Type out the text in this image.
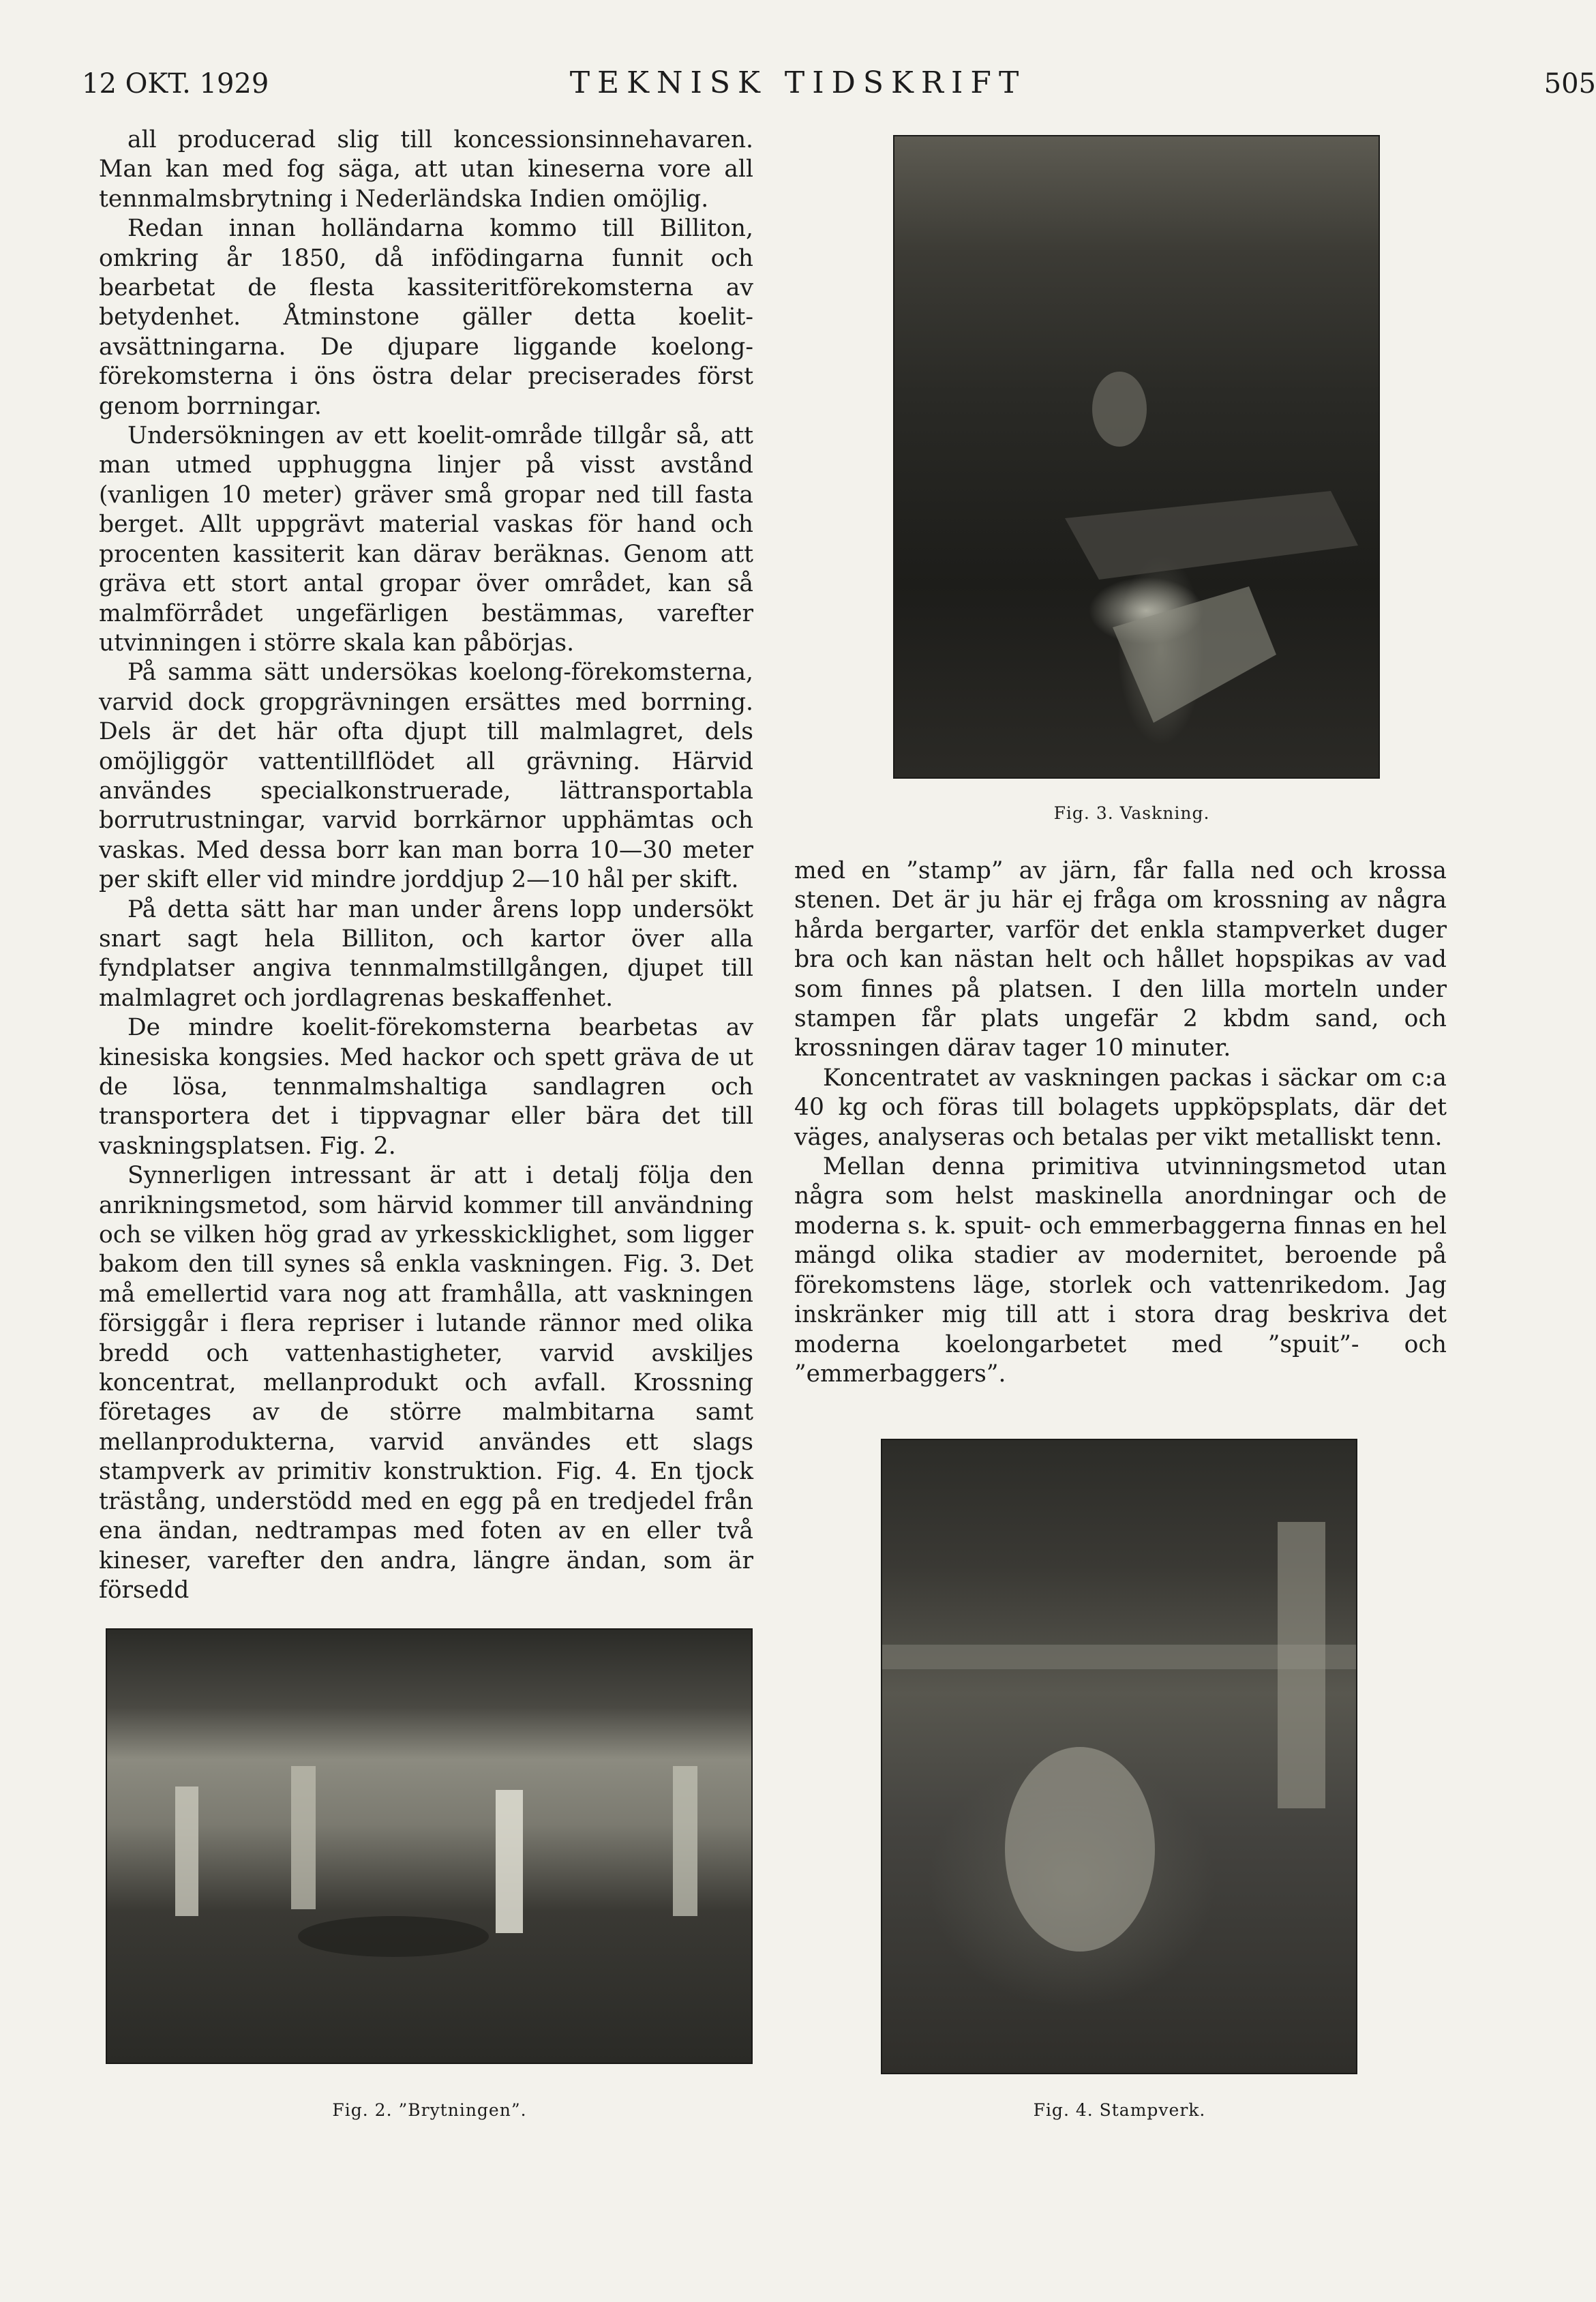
12 OKT. 1929	TEKNISK TIDSKRIFT	505

all producerad slig till koncessionsinnehavaren. Man kan med fog säga, att utan kineserna vore all tennmalmsbrytning i Nederländska Indien omöjlig.

Redan innan holländarna kommo till Billiton, omkring år 1850, då infödingarna funnit och bearbetat de flesta kassiteritförekomsterna av betydenhet. Åtminstone gäller detta koelit-avsättningarna. De djupare liggande koelong-förekomsterna i öns östra delar preciserades först genom borrningar.

Undersökningen av ett koelit-område tillgår så, att man utmed upphuggna linjer på visst avstånd (vanligen 10 meter) gräver små gropar ned till fasta berget. Allt uppgrävt material vaskas för hand och procenten kassiterit kan därav beräknas. Genom att gräva ett stort antal gropar över området, kan så malmförrådet ungefärligen bestämmas, varefter utvinningen i större skala kan påbörjas.

På samma sätt undersökas koelong-förekomsterna, varvid dock gropgrävningen ersättes med borrning. Dels är det här ofta djupt till malmlagret, dels omöjliggör vattentillflödet all grävning. Härvid användes specialkonstruerade, lättransportabla borrutrustningar, varvid borrkärnor upphämtas och vaskas. Med dessa borr kan man borra 10—30 meter per skift eller vid mindre jorddjup 2—10 hål per skift.

På detta sätt har man under årens lopp undersökt snart sagt hela Billiton, och kartor över alla fyndplatser angiva tennmalmstillgången, djupet till malmlagret och jordlagrenas beskaffenhet.

De mindre koelit-förekomsterna bearbetas av kinesiska kongsies. Med hackor och spett gräva de ut de lösa, tennmalmshaltiga sandlagren och transportera det i tippvagnar eller bära det till vaskningsplatsen. Fig. 2.

Synnerligen intressant är att i detalj följa den anrikningsmetod, som härvid kommer till användning och se vilken hög grad av yrkesskicklighet, som ligger bakom den till synes så enkla vaskningen. Fig. 3. Det må emellertid vara nog att framhålla, att vaskningen försiggår i flera repriser i lutande rännor med olika bredd och vattenhastigheter, varvid avskiljes koncentrat, mellanprodukt och avfall. Krossning företages av de större malmbitarna samt mellanprodukterna, varvid användes ett slags stampverk av primitiv konstruktion. Fig. 4. En tjock trästång, understödd med en egg på en tredjedel från ena ändan, nedtrampas med foten av en eller två kineser, varefter den andra, längre ändan, som är försedd

med en ”stamp” av järn, får falla ned och krossa stenen. Det är ju här ej fråga om krossning av några hårda bergarter, varför det enkla stampverket duger bra och kan nästan helt och hållet hopspikas av vad som finnes på platsen. I den lilla morteln under stampen får plats ungefär 2 kbdm sand, och krossningen därav tager 10 minuter.

Koncentratet av vaskningen packas i säckar om c:a 40 kg och föras till bolagets uppköpsplats, där det väges, analyseras och betalas per vikt metalliskt tenn.

Mellan denna primitiva utvinningsmetod utan några som helst maskinella anordningar och de moderna s. k. spuit- och emmerbaggerna finnas en hel mängd olika stadier av modernitet, beroende på förekomstens läge, storlek och vattenrikedom. Jag inskränker mig till att i stora drag beskriva det moderna koelongarbetet med ”spuit”- och ”emmerbaggers”.

Fig. 3. Vaskning.
Fig. 2. ”Brytningen”.	Fig. 4. Stampverk.
